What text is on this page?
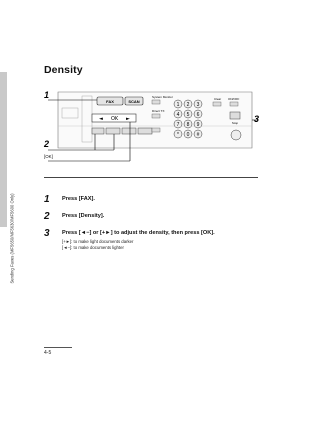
Sending Faxes (MF5650/MF5630/MF5600 Only)
Density
FAX	SCAN
◄ OK ►
System Monitor
Direct TX
1 2 3
4 5 6
7 8 9
* 0 #
Clear ON/OFF
Stop
1
2
3
[OK]
1 Press [FAX].
2 Press [Density].
3 Press [◄−] or [+►] to adjust the density, then press [OK].
[+►]: to make light documents darker
[◄−]: to make documents lighter
4-5
